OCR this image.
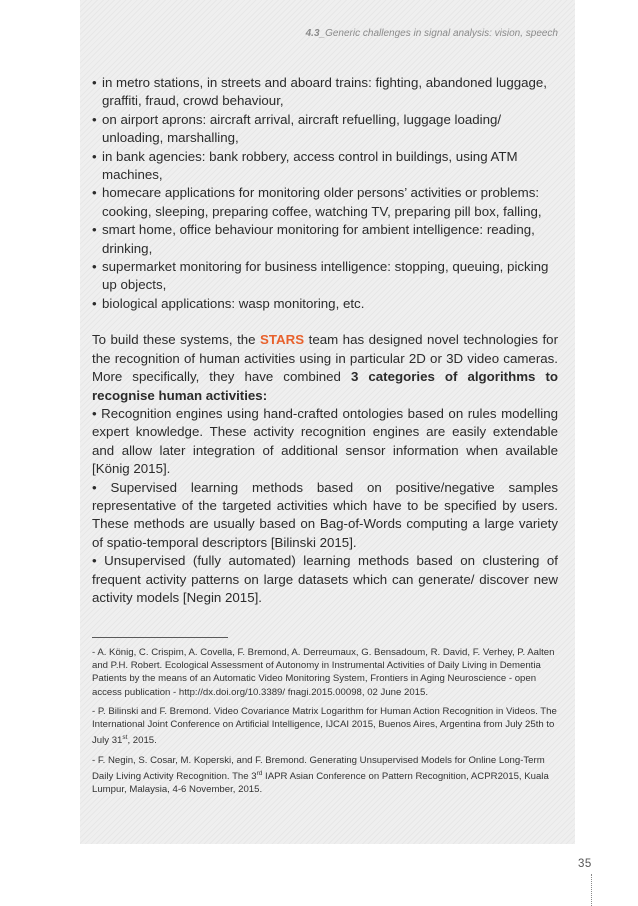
4.3_Generic challenges in signal analysis: vision, speech
• in metro stations, in streets and aboard trains: fighting, abandoned luggage, graffiti, fraud, crowd behaviour,
• on airport aprons: aircraft arrival, aircraft refuelling, luggage loading/ unloading, marshalling,
• in bank agencies: bank robbery, access control in buildings, using ATM machines,
• homecare applications for monitoring older persons’ activities or problems: cooking, sleeping, preparing coffee, watching TV, preparing pill box, falling,
• smart home, office behaviour monitoring for ambient intelligence: reading, drinking,
• supermarket monitoring for business intelligence: stopping, queuing, picking up objects,
• biological applications: wasp monitoring, etc.

To build these systems, the STARS team has designed novel technologies for the recognition of human activities using in particular 2D or 3D video cameras. More specifically, they have combined 3 categories of algorithms to recognise human activities:

• Recognition engines using hand-crafted ontologies based on rules modelling expert knowledge. These activity recognition engines are easily extendable and allow later integration of additional sensor information when available [König 2015].

• Supervised learning methods based on positive/negative samples representative of the targeted activities which have to be specified by users. These methods are usually based on Bag-of-Words computing a large variety of spatio-temporal descriptors [Bilinski 2015].

• Unsupervised (fully automated) learning methods based on clustering of frequent activity patterns on large datasets which can generate/ discover new activity models [Negin 2015].

- A. König, C. Crispim, A. Covella, F. Bremond, A. Derreumaux, G. Bensadoum, R. David, F. Verhey, P. Aalten and P.H. Robert. Ecological Assessment of Autonomy in Instrumental Activities of Daily Living in Dementia Patients by the means of an Automatic Video Monitoring System, Frontiers in Aging Neuroscience - open access publication - http://dx.doi.org/10.3389/ fnagi.2015.00098, 02 June 2015.

- P. Bilinski and F. Bremond. Video Covariance Matrix Logarithm for Human Action Recognition in Videos. The International Joint Conference on Artificial Intelligence, IJCAI 2015, Buenos Aires, Argentina from July 25th to July 31st, 2015.

- F. Negin, S. Cosar, M. Koperski, and F. Bremond. Generating Unsupervised Models for Online Long-Term Daily Living Activity Recognition. The 3rd IAPR Asian Conference on Pattern Recognition, ACPR2015, Kuala Lumpur, Malaysia, 4-6 November, 2015.

35
